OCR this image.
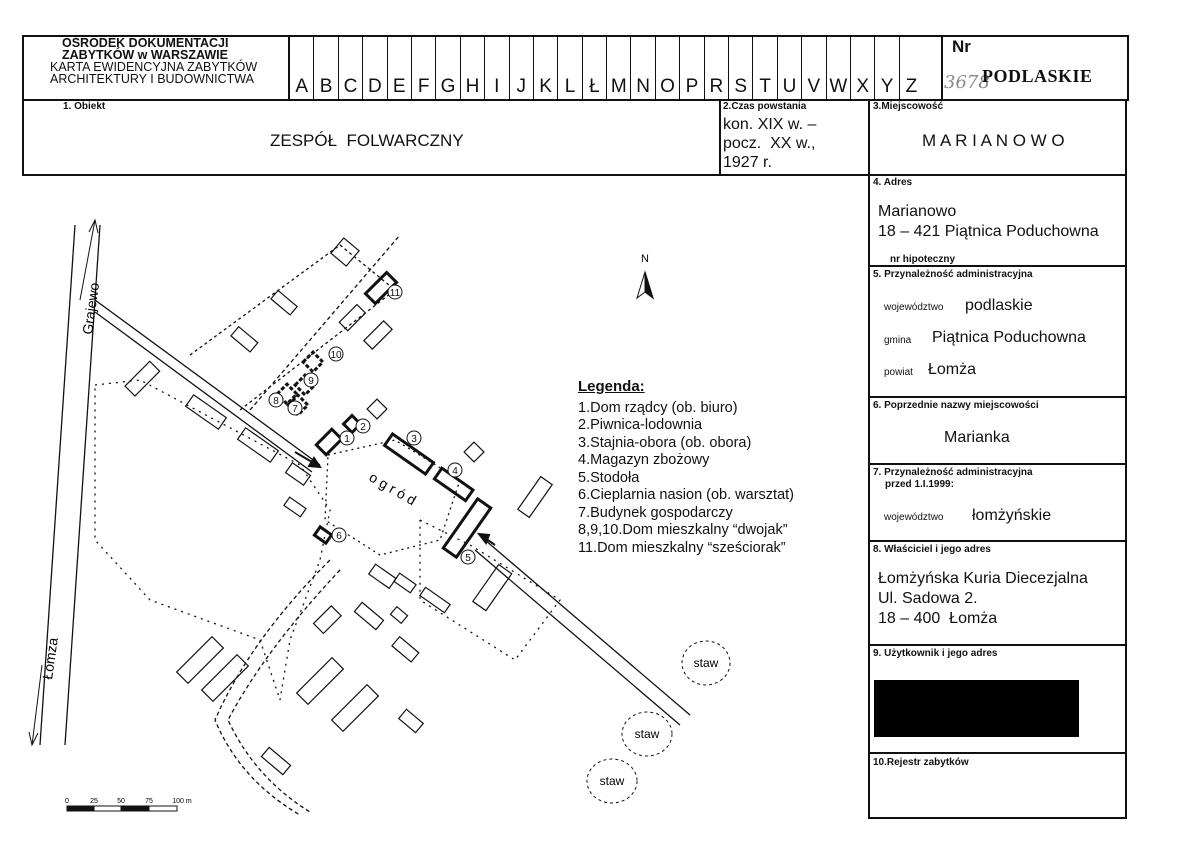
OŚRODEK DOKUMENTACJI
ZABYTKÓW w WARSZAWIE
KARTA EWIDENCYJNA ZABYTKÓW
ARCHITEKTURY I BUDOWNICTWA	A B C D E F G H I J K L Ł M N O P R S T U V W X Y Z
Nr
3678
PODLASKIE
1. Obiekt
ZESPÓŁ  FOLWARCZNY
2.Czas powstania
kon. XIX w. –
pocz.  XX w.,
1927 r.
3.Miejscowość
M A R I A N O W O
4. Adres
Marianowo
18 – 421 Piątnica Poduchowna
nr hipoteczny
5. Przynależność administracyjna
województwo podlaskie
gmina Piątnica Poduchowna
powiat Łomża
6. Poprzednie nazwy miejscowości
Marianka
7. Przynależność administracyjna
przed 1.I.1999:
województwo łomżyńskie
8. Właściciel i jego adres
Łomżyńska Kuria Diecezjalna
Ul. Sadowa 2.
18 – 400  Łomża
9. Użytkownik i jego adres
10.Rejestr zabytków
Grajewo
Łomża
1
2
3
4
5
6
7
8
9
10
11
o g r ó d
staw
staw
staw
N
0	25	50	75	100 m
Legenda:
1.Dom rządcy (ob. biuro)
2.Piwnica-lodownia
3.Stajnia-obora (ob. obora)
4.Magazyn zbożowy
5.Stodoła
6.Cieplarnia nasion (ob. warsztat)
7.Budynek gospodarczy
8,9,10.Dom mieszkalny “dwojak”
11.Dom mieszkalny “sześciorak”
